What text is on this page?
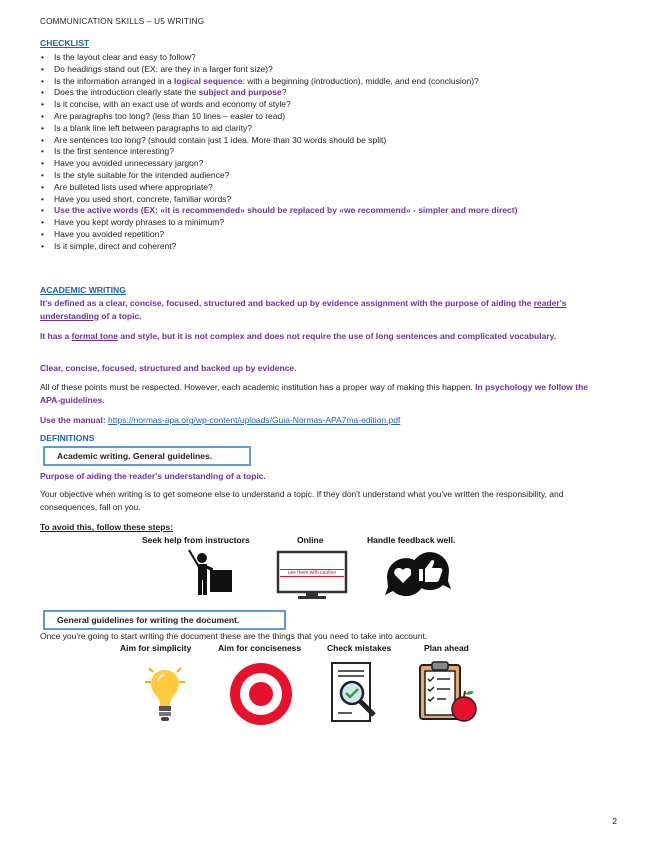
COMMUNICATION SKILLS – U5 WRITING
CHECKLIST
• Is the layout clear and easy to follow?
• Do headings stand out (EX: are they in a larger font size)?
• Is the information arranged in a logical sequence: with a beginning (introduction), middle, and end (conclusion)?
• Does the introduction clearly state the subject and purpose?
• Is it concise, with an exact use of words and economy of style?
• Are paragraphs too long? (less than 10 lines – easier to read)
• Is a blank line left between paragraphs to aid clarity?
• Are sentences too long? (should contain just 1 idea. More than 30 words should be split)
• Is the first sentence interesting?
• Have you avoided unnecessary jargon?
• Is the style suitable for the intended audience?
• Are bulleted lists used where appropriate?
• Have you used short, concrete, familiar words?
• Use the active words (EX: «it is recommended» should be replaced by «we recommend» - simpler and more direct)
• Have you kept wordy phrases to a minimum?
• Have you avoided repetition?
• Is it simple, direct and coherent?
ACADEMIC WRITING
It's defined as a clear, concise, focused, structured and backed up by evidence assignment with the purpose of aiding the reader's understanding of a topic.
It has a formal tone and style, but it is not complex and does not require the use of long sentences and complicated vocabulary.
Clear, concise, focused, structured and backed up by evidence.
All of these points must be respected. However, each academic institution has a proper way of making this happen. In psychology we follow the APA-guidelines.
Use the manual: https://normas-apa.org/wp-content/uploads/Guia-Normas-APA7ma-edition.pdf
DEFINITIONS
Academic writing. General guidelines.
Purpose of aiding the reader's understanding of a topic.
Your objective when writing is to get someone else to understand a topic. If they don't understand what you've written the responsibility, and consequences, fall on you.
To avoid this, follow these steps:
Seek help from instructors	Online	Handle feedback well.
use them with caution
General guidelines for writing the document.
Once you're going to start writing the document these are the things that you need to take into account.
Aim for simplicity	Aim for conciseness	Check mistakes	Plan ahead
2
